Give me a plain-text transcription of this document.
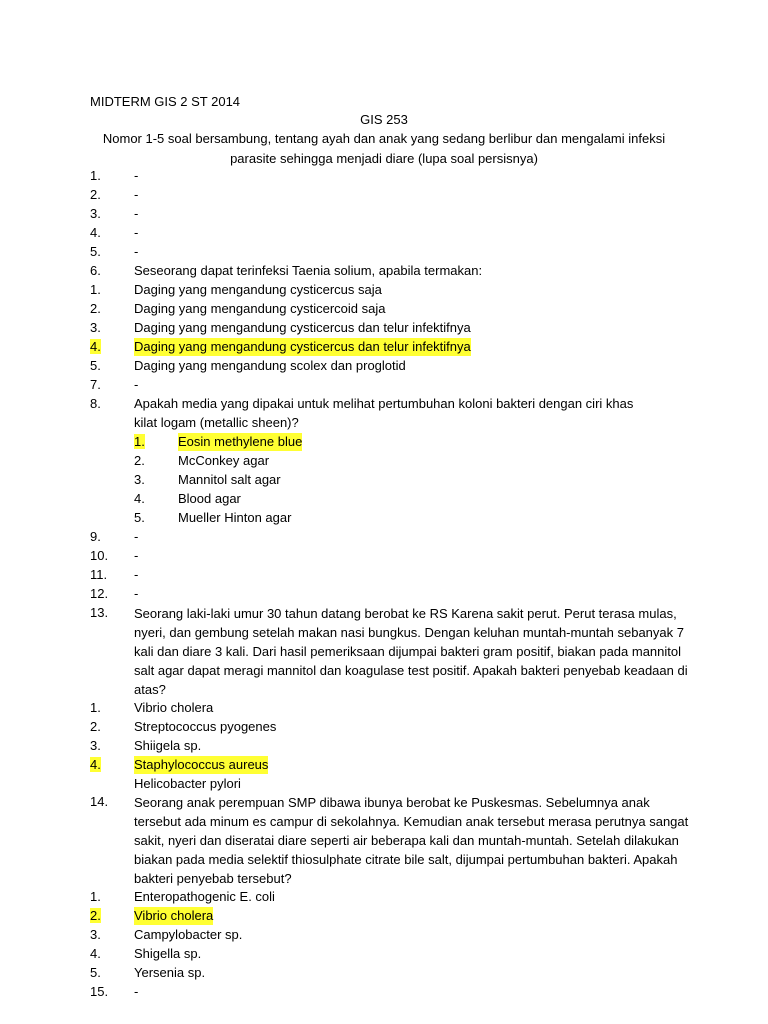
MIDTERM GIS 2 ST 2014
GIS 253
Nomor 1-5 soal bersambung, tentang ayah dan anak yang sedang berlibur dan mengalami infeksi
parasite sehingga menjadi diare (lupa soal persisnya)
1.	-
2.	-
3.	-
4.	-
5.	-
6.	Seseorang dapat terinfeksi Taenia solium, apabila termakan:
1.	Daging yang mengandung cysticercus saja
2.	Daging yang mengandung cysticercoid saja
3.	Daging yang mengandung cysticercus dan telur infektifnya
4.	Daging yang mengandung cysticercus dan telur infektifnya
5.	Daging yang mengandung scolex dan proglotid
7.	-
8.	Apakah media yang dipakai untuk melihat pertumbuhan koloni bakteri dengan ciri khas
kilat logam (metallic sheen)?
1.	Eosin methylene blue
2.	McConkey agar
3.	Mannitol salt agar
4.	Blood agar
5.	Mueller Hinton agar
9.	-
10.	-
11.	-
12.	-
13.	Seorang laki-laki umur 30 tahun datang berobat ke RS Karena sakit perut. Perut terasa mulas, nyeri, dan gembung setelah makan nasi bungkus. Dengan keluhan muntah-muntah sebanyak 7 kali dan diare 3 kali. Dari hasil pemeriksaan dijumpai bakteri gram positif, biakan pada mannitol salt agar dapat meragi mannitol dan koagulase test positif. Apakah bakteri penyebab keadaan di atas?
1.	Vibrio cholera
2.	Streptococcus pyogenes
3.	Shiigela sp.
4.	Staphylococcus aureus
Helicobacter pylori
14.	Seorang anak perempuan SMP dibawa ibunya berobat ke Puskesmas. Sebelumnya anak tersebut ada minum es campur di sekolahnya. Kemudian anak tersebut merasa perutnya sangat sakit, nyeri dan diseratai diare seperti air beberapa kali dan muntah-muntah. Setelah dilakukan biakan pada media selektif thiosulphate citrate bile salt, dijumpai pertumbuhan bakteri. Apakah bakteri penyebab tersebut?
1.	Enteropathogenic E. coli
2.	Vibrio cholera
3.	Campylobacter sp.
4.	Shigella sp.
5.	Yersenia sp.
15.	-
